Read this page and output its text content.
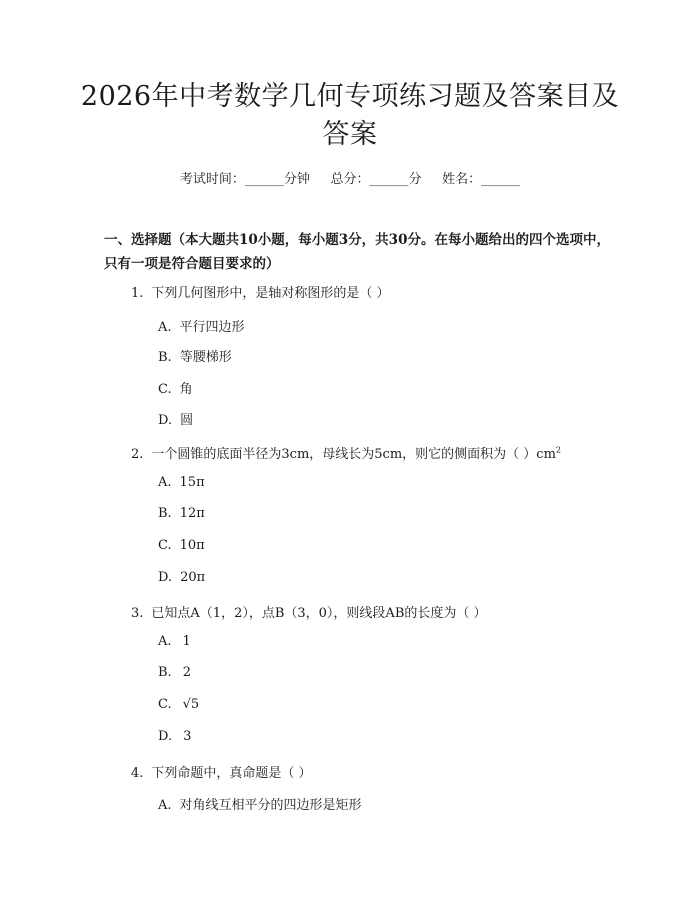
2026年中考数学几何专项练习题及答案目及答案
考试时间：______分钟     总分：______分     姓名：______
一、选择题（本大题共10小题，每小题3分，共30分。在每小题给出的四个选项中，只有一项是符合题目要求的）
1. 下列几何图形中，是轴对称图形的是（ ）
A. 平行四边形
B. 等腰梯形
C. 角
D. 圆
2. 一个圆锥的底面半径为3cm，母线长为5cm，则它的侧面积为（ ）$cm^2$
A. 15π
B. 12π
C. 10π
D. 20π
3. 已知点A（1，2），点B（3，0），则线段AB的长度为（ ）
A. 1
B. 2
C. √5
D. 3
4. 下列命题中，真命题是（ ）
A. 对角线互相平分的四边形是矩形
